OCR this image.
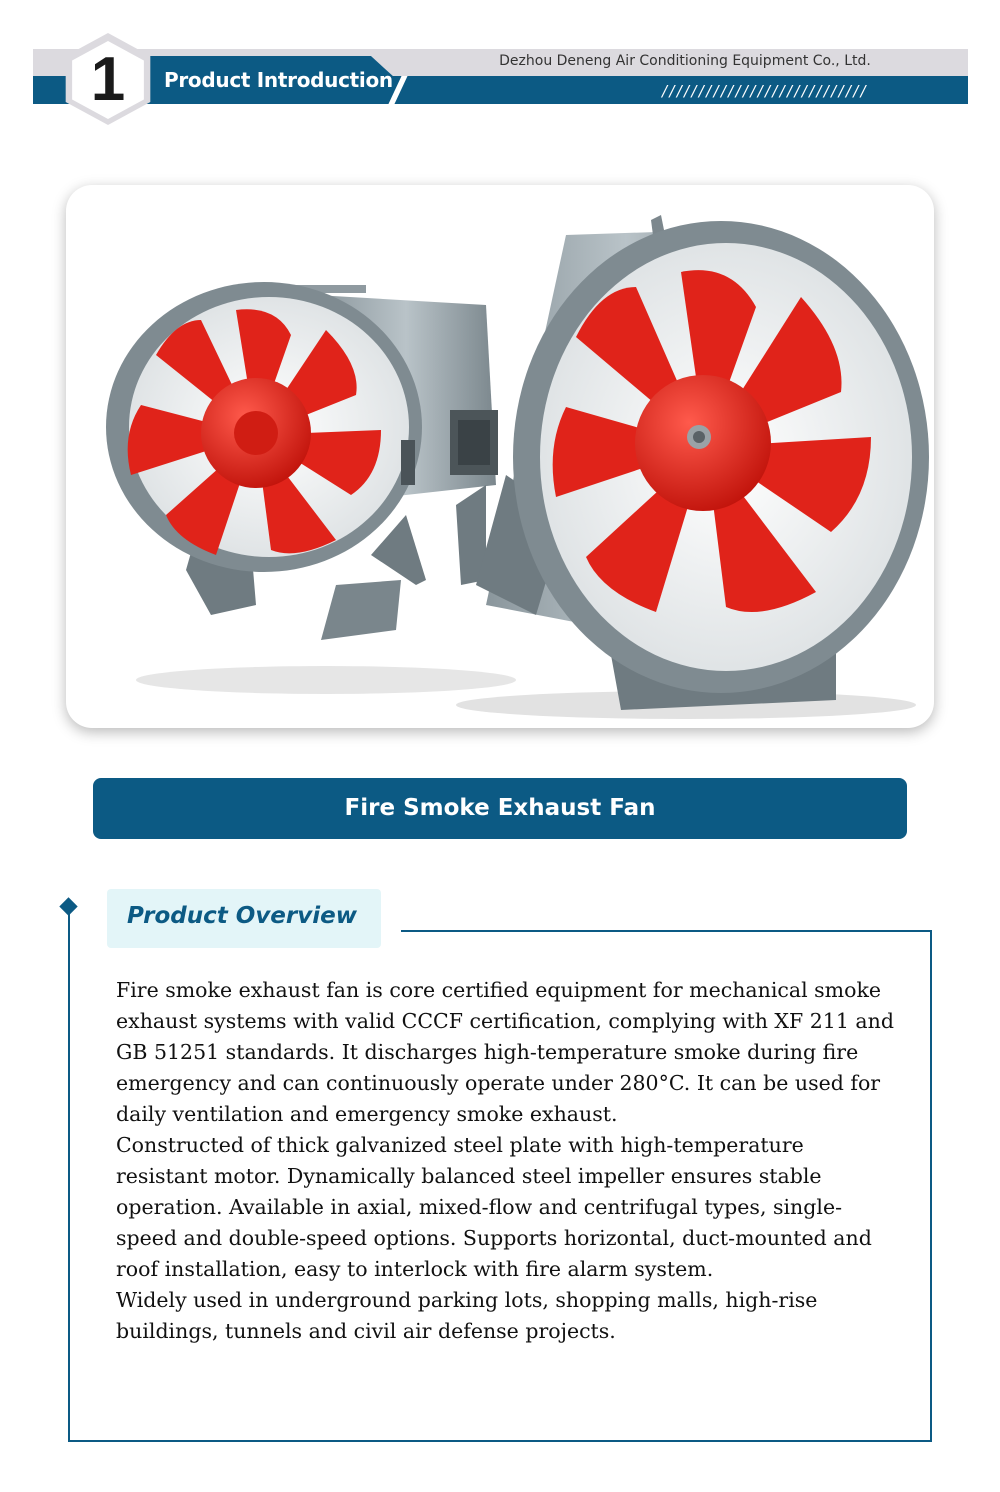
1	Product Introduction
Dezhou Deneng Air Conditioning Equipment Co., Ltd.
////////////////////////////
Fire Smoke Exhaust Fan
Product Overview

Fire smoke exhaust fan is core certified equipment for mechanical smoke exhaust systems with valid CCCF certification, complying with XF 211 and GB 51251 standards. It discharges high-temperature smoke during fire emergency and can continuously operate under 280°C. It can be used for daily ventilation and emergency smoke exhaust.

Constructed of thick galvanized steel plate with high-temperature resistant motor. Dynamically balanced steel impeller ensures stable operation. Available in axial, mixed-flow and centrifugal types, single-speed and double-speed options. Supports horizontal, duct-mounted and roof installation, easy to interlock with fire alarm system.

Widely used in underground parking lots, shopping malls, high-rise buildings, tunnels and civil air defense projects.
